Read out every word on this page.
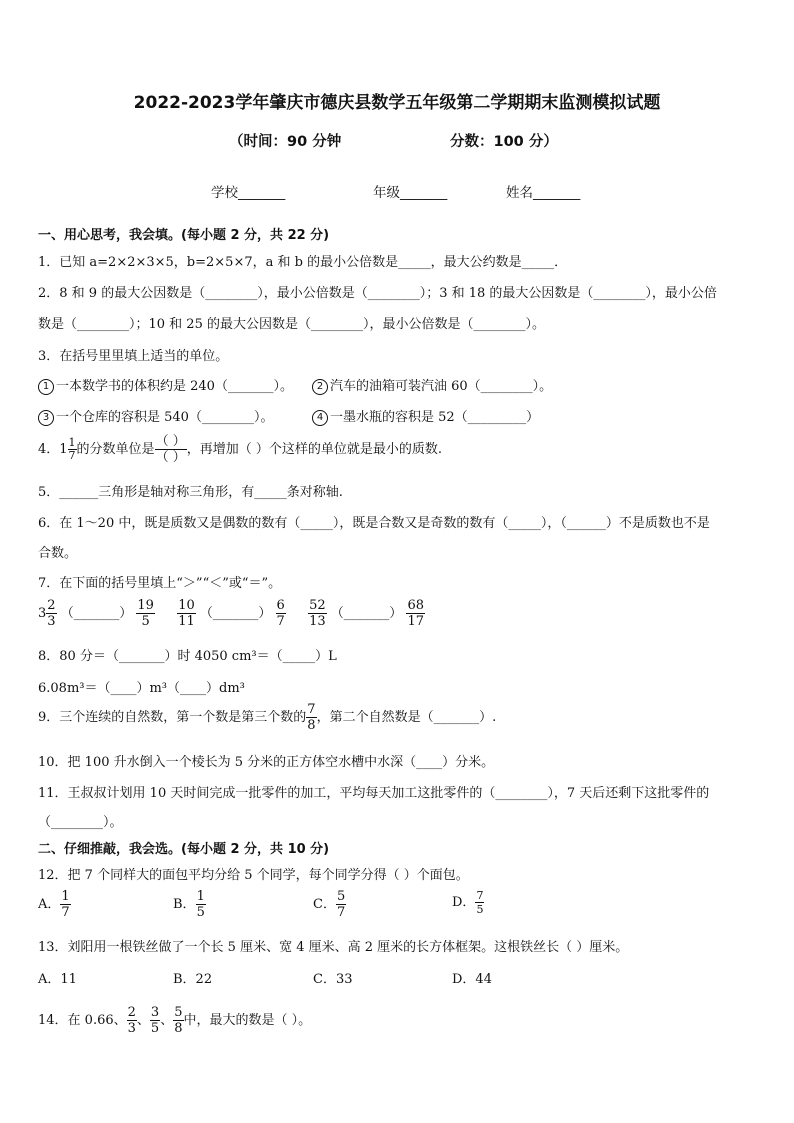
2022-2023学年肇庆市德庆县数学五年级第二学期期末监测模拟试题
（时间：90 分钟	分数：100 分）
学校_______	年级_______	姓名_______
一、用心思考，我会填。(每小题 2 分，共 22 分)
1．已知 a=2×2×3×5，b=2×5×7，a 和 b 的最小公倍数是_____，最大公约数是_____．
2．8 和 9 的最大公因数是（________），最小公倍数是（________）；3 和 18 的最大公因数是（________），最小公倍
数是（________）；10 和 25 的最大公因数是（________），最小公倍数是（________）。
3．在括号里里填上适当的单位。
1 一本数学书的体积约是 240（_______）。	2 汽车的油箱可装汽油 60（________）。
3 一个仓库的容积是 540（________）。	4 一墨水瓶的容积是 52（_________）
4．$1 \frac{1}{7}$ 的分数单位是 $\frac{( )}{( )}$ ，再增加（ ）个这样的单位就是最小的质数.
5．______三角形是轴对称三角形，有_____条对称轴.
6．在 1～20 中，既是质数又是偶数的数有（_____），既是合数又是奇数的数有（_____），（______）不是质数也不是
合数。
7．在下面的括号里填上“＞”“＜”或“＝”。
$3 \frac{2}{3}$ （_______） $\frac{19}{5}$
$\frac{10}{11}$ （_______） $\frac{6}{7}$
$\frac{52}{13}$ （_______） $\frac{68}{17}$
8．80 分＝（_______）时 4050 cm³＝（_____）L
6.08m³＝（____）m³（____）dm³
9．三个连续的自然数，第一个数是第三个数的 $\frac{7}{8}$ ，第二个自然数是（_______）.
10．把 100 升水倒入一个棱长为 5 分米的正方体空水槽中水深（____）分米。
11．王叔叔计划用 10 天时间完成一批零件的加工，平均每天加工这批零件的（________），7 天后还剩下这批零件的
（________）。
二、仔细推敲，我会选。(每小题 2 分，共 10 分)
12．把 7 个同样大的面包平均分给 5 个同学，每个同学分得（ ）个面包。
A． $\frac{1}{7}$	B． $\frac{1}{5}$	C． $\frac{5}{7}$	D． $\frac{7}{5}$
13．刘阳用一根铁丝做了一个长 5 厘米、宽 4 厘米、高 2 厘米的长方体框架。这根铁丝长（ ）厘米。
A．11	B．22	C．33	D．44
14．在 0.66、 $\frac{2}{3}$ 、 $\frac{3}{5}$ 、 $\frac{5}{8}$ 中，最大的数是（ ）。
